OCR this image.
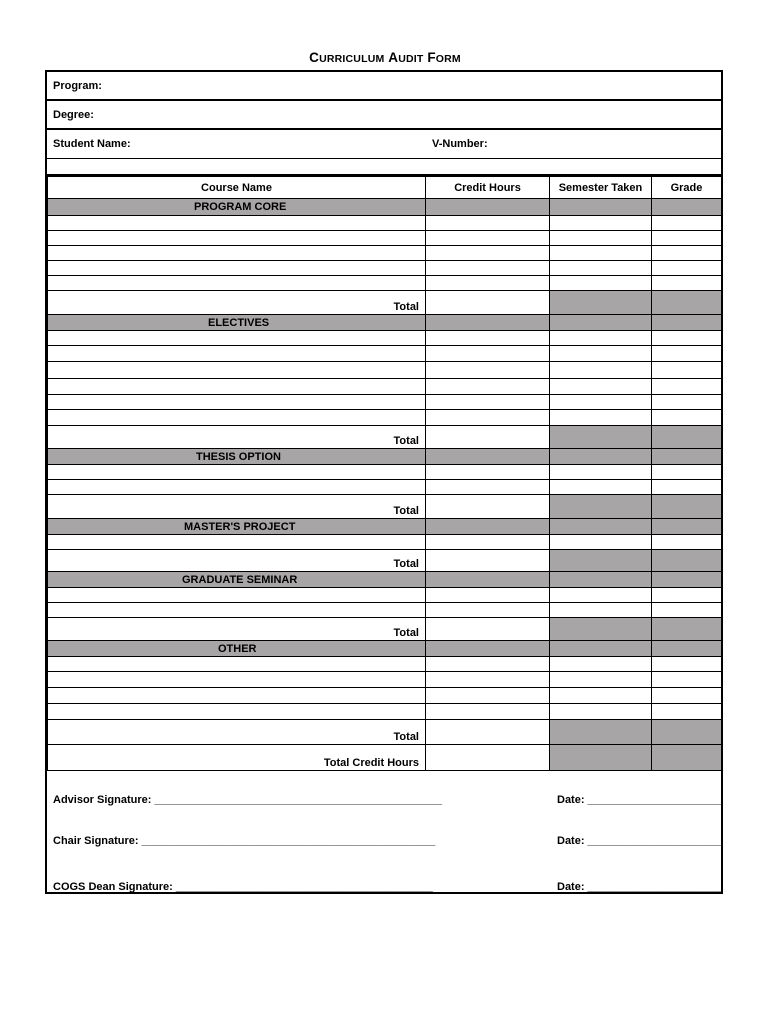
CURRICULUM AUDIT FORM
Program:
Degree:
Student Name:	V-Number:
Course Name	Credit Hours	Semester Taken	Grade
PROGRAM CORE			

Total			
ELECTIVES			

Total			
THESIS OPTION			

Total			
MASTER'S PROJECT			

Total			
GRADUATE SEMINAR			

Total			
OTHER			

Total			
Total Credit Hours			
Advisor Signature: _______________________________________________	Date: ______________________
Chair Signature: ________________________________________________	Date: ______________________
COGS Dean Signature: __________________________________________	Date: ______________________
